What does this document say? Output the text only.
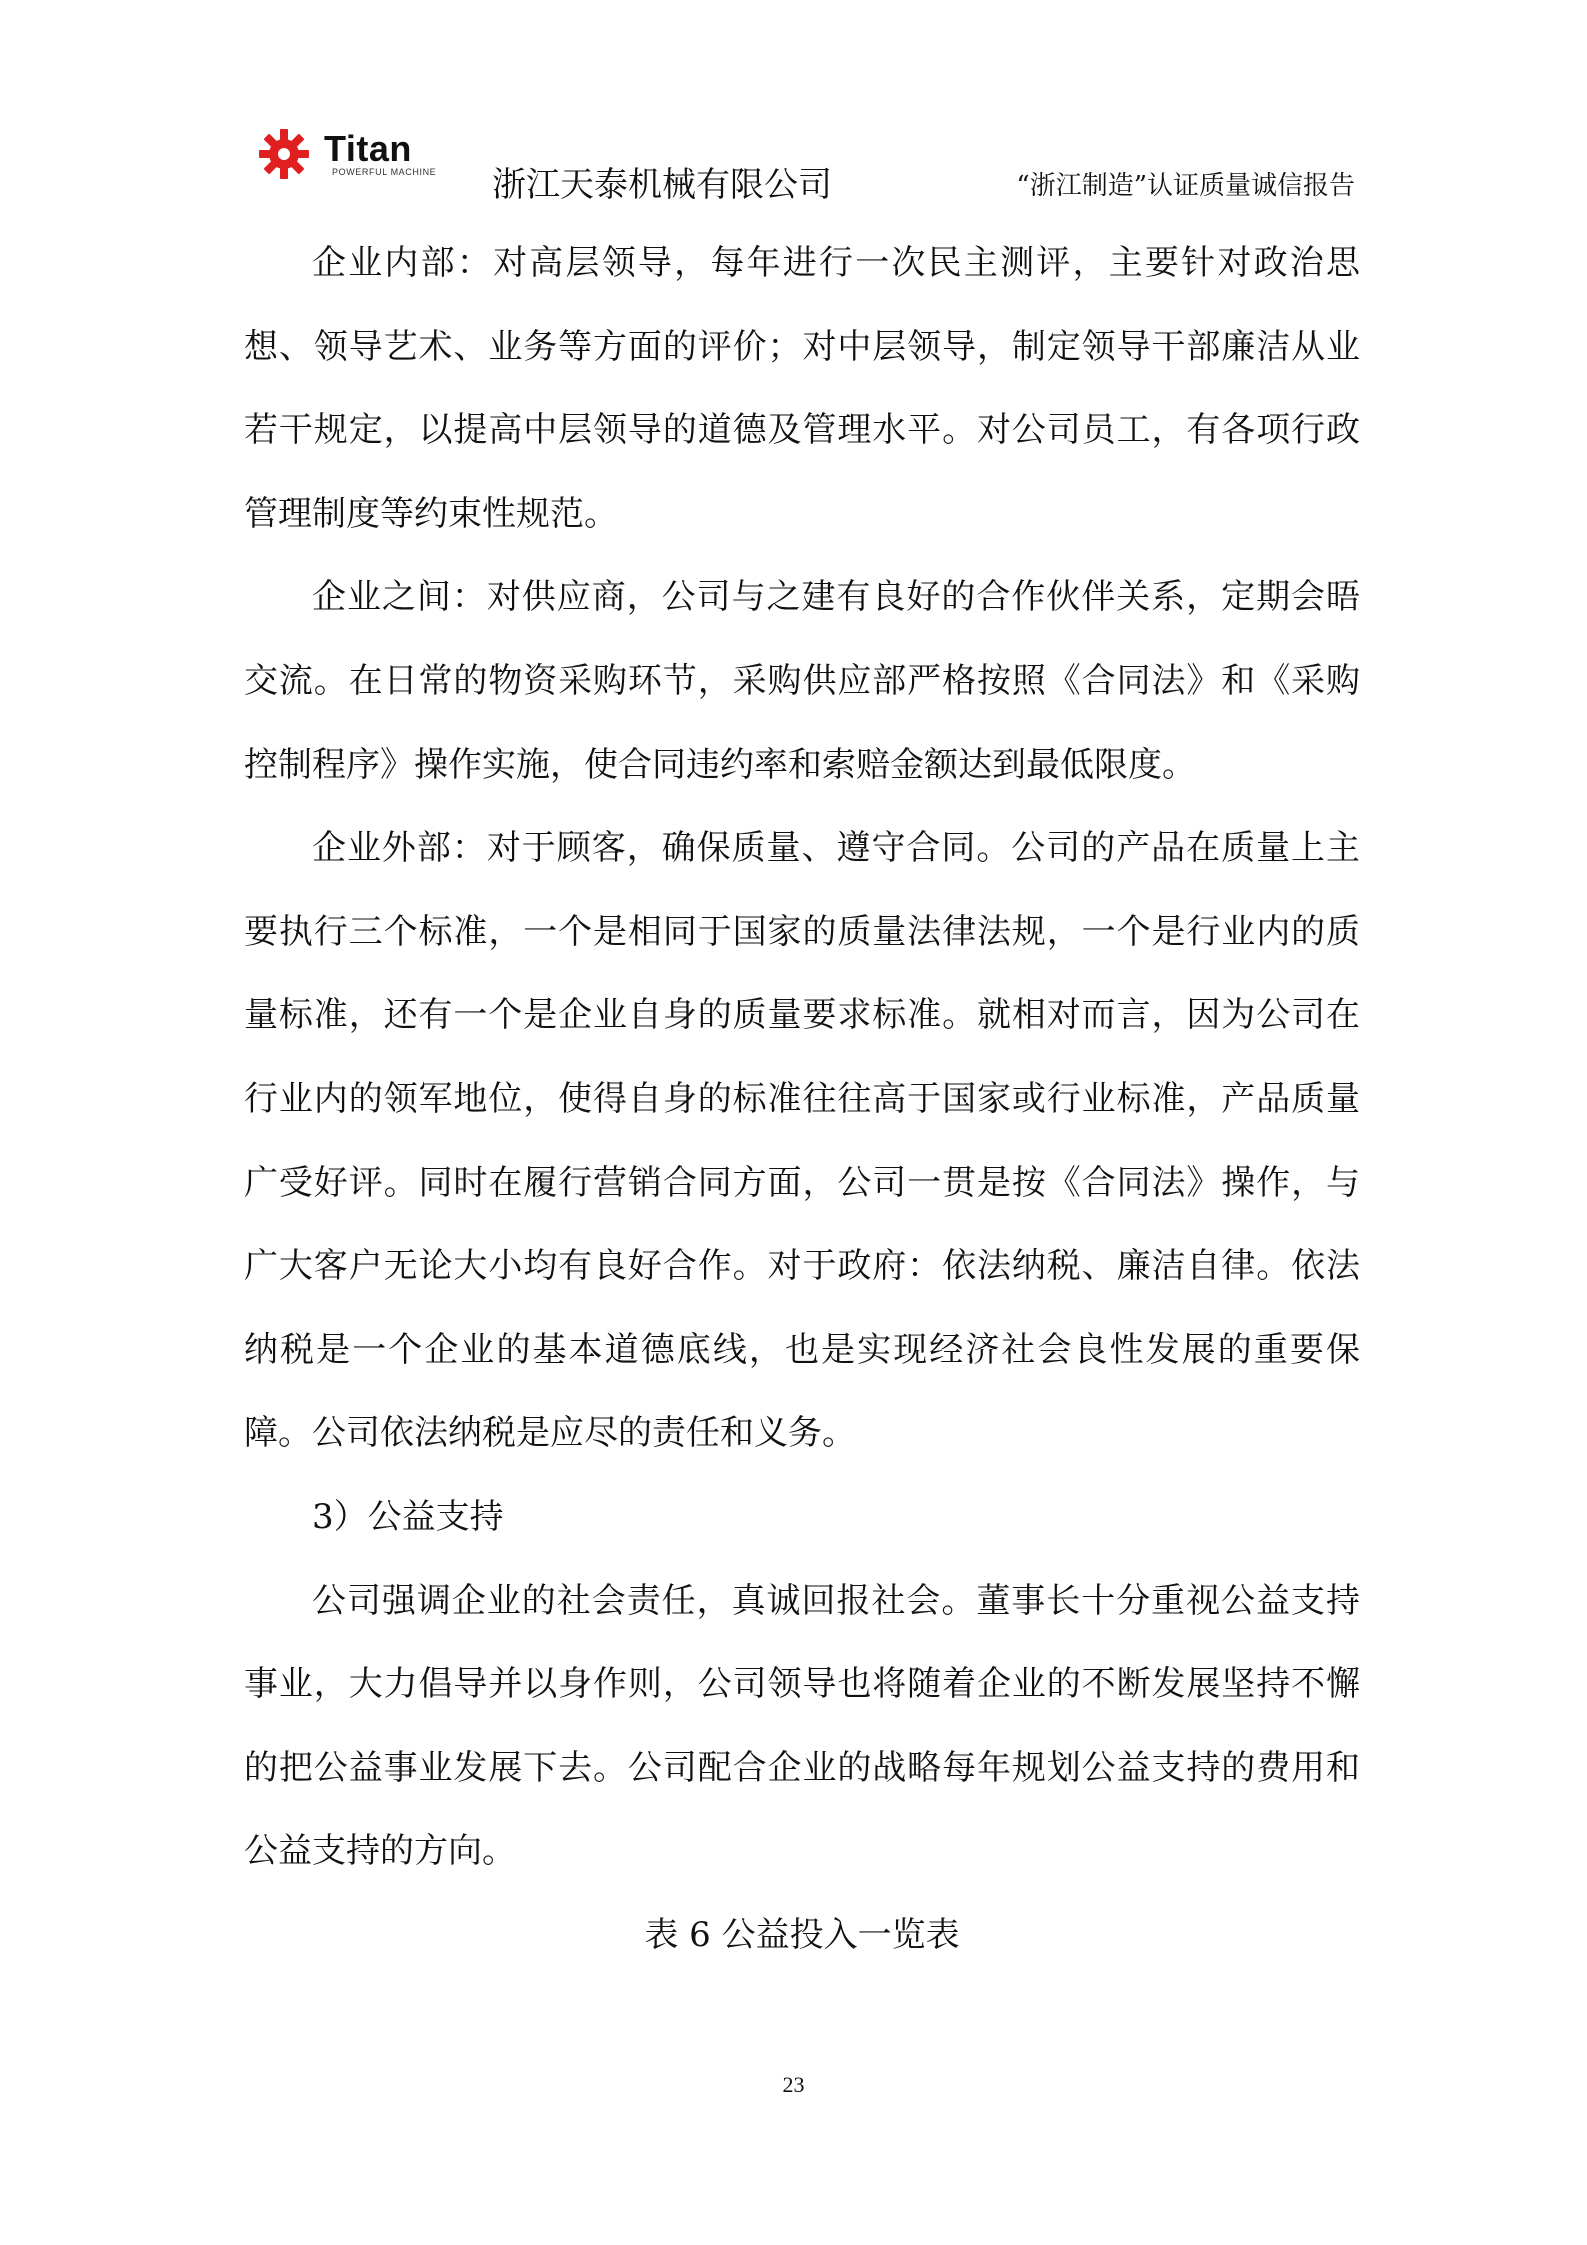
Titan
POWERFUL MACHINE 浙江天泰机械有限公司	“浙江制造”认证质量诚信报告

企业内部：对高层领导，每年进行一次民主测评，主要针对政治思想、领导艺术、业务等方面的评价；对中层领导，制定领导干部廉洁从业若干规定，以提高中层领导的道德及管理水平。对公司员工，有各项行政管理制度等约束性规范。

企业之间：对供应商，公司与之建有良好的合作伙伴关系，定期会晤交流。在日常的物资采购环节，采购供应部严格按照《合同法》和《采购控制程序》操作实施，使合同违约率和索赔金额达到最低限度。

企业外部：对于顾客，确保质量、遵守合同。公司的产品在质量上主要执行三个标准，一个是相同于国家的质量法律法规，一个是行业内的质量标准，还有一个是企业自身的质量要求标准。就相对而言，因为公司在行业内的领军地位，使得自身的标准往往高于国家或行业标准，产品质量广受好评。同时在履行营销合同方面，公司一贯是按《合同法》操作，与广大客户无论大小均有良好合作。对于政府：依法纳税、廉洁自律。依法纳税是一个企业的基本道德底线，也是实现经济社会良性发展的重要保障。公司依法纳税是应尽的责任和义务。

3）公益支持

公司强调企业的社会责任，真诚回报社会。董事长十分重视公益支持事业，大力倡导并以身作则，公司领导也将随着企业的不断发展坚持不懈的把公益事业发展下去。公司配合企业的战略每年规划公益支持的费用和公益支持的方向。

表 6 公益投入一览表

23
